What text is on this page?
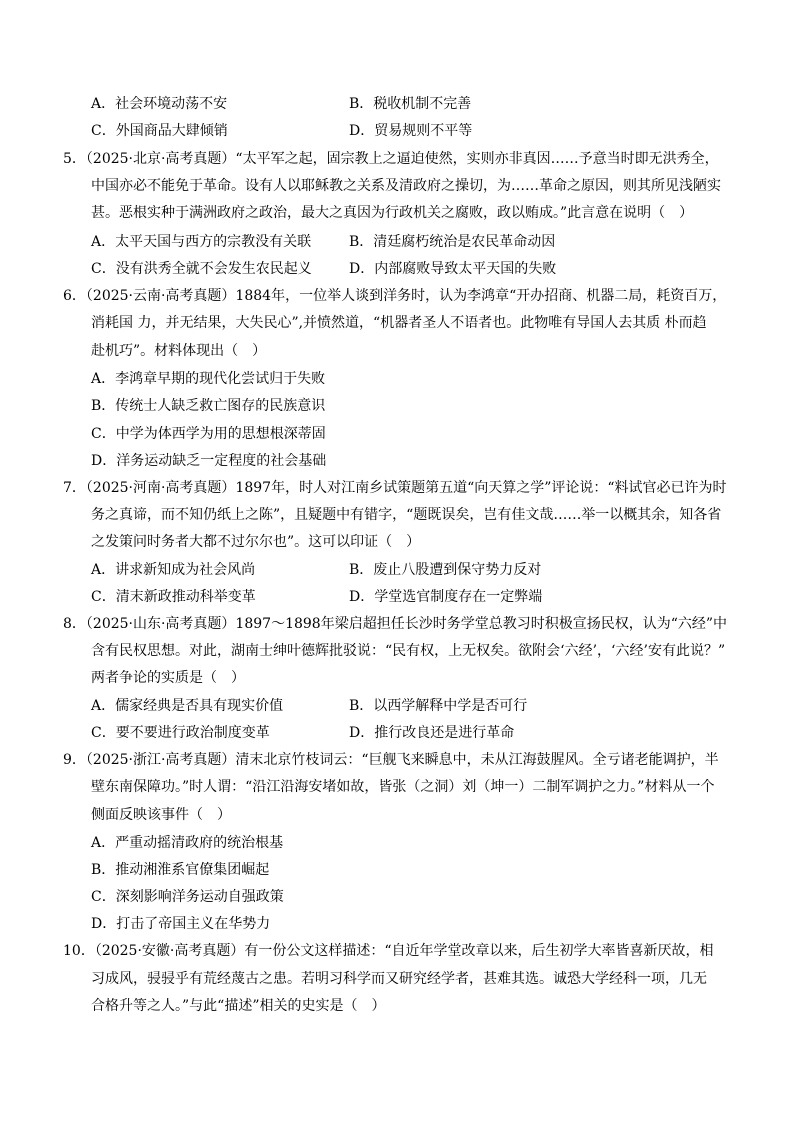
A．社会环境动荡不安	B．税收机制不完善
C．外国商品大肆倾销	D．贸易规则不平等
5．（2025·北京·高考真题）“太平军之起，固宗教上之逼迫使然，实则亦非真因……予意当时即无洪秀全，
中国亦必不能免于革命。设有人以耶稣教之关系及清政府之操切，为……革命之原因，则其所见浅陋实
甚。恶根实种于满洲政府之政治，最大之真因为行政机关之腐败，政以贿成。”此言意在说明（　）
A．太平天国与西方的宗教没有关联	B．清廷腐朽统治是农民革命动因
C．没有洪秀全就不会发生农民起义	D．内部腐败导致太平天国的失败
6．（2025·云南·高考真题）1884年，一位举人谈到洋务时，认为李鸿章“开办招商、机器二局，耗资百万，
消耗国 力，并无结果，大失民心”,并愤然道，“机器者圣人不语者也。此物唯有导国人去其质 朴而趋
赴机巧”。材料体现出（　）
A．李鸿章早期的现代化尝试归于失败
B．传统士人缺乏救亡图存的民族意识
C．中学为体西学为用的思想根深蒂固
D．洋务运动缺乏一定程度的社会基础
7．（2025·河南·高考真题）1897年，时人对江南乡试策题第五道“向天算之学”评论说：“料试官必已许为时
务之真谛，而不知仍纸上之陈”，且疑题中有错字，“题既误矣，岂有佳文哉……举一以概其余，知各省
之发策问时务者大都不过尔尔也”。这可以印证（　）
A．讲求新知成为社会风尚	B．废止八股遭到保守势力反对
C．清末新政推动科举变革	D．学堂选官制度存在一定弊端
8．（2025·山东·高考真题）1897～1898年梁启超担任长沙时务学堂总教习时积极宣扬民权，认为“六经”中
含有民权思想。对此，湖南士绅叶德辉批驳说：“民有权，上无权矣。欲附会‘六经’，‘六经’安有此说？”
两者争论的实质是（　）
A．儒家经典是否具有现实价值	B．以西学解释中学是否可行
C．要不要进行政治制度变革	D．推行改良还是进行革命
9．（2025·浙江·高考真题）清末北京竹枝词云：“巨舰飞来瞬息中，未从江海鼓腥风。全亏诸老能调护，半
壁东南保障功。”时人谓：“沿江沿海安堵如故，皆张（之洞）刘（坤一）二制军调护之力。”材料从一个
侧面反映该事件（　）
A．严重动摇清政府的统治根基
B．推动湘淮系官僚集团崛起
C．深刻影响洋务运动自强政策
D．打击了帝国主义在华势力
10．（2025·安徽·高考真题）有一份公文这样描述：“自近年学堂改章以来，后生初学大率皆喜新厌故，相
习成风，骎骎乎有荒经蔑古之患。若明习科学而又研究经学者，甚难其选。诚恐大学经科一项，几无
合格升等之人。”与此“描述”相关的史实是（　）
